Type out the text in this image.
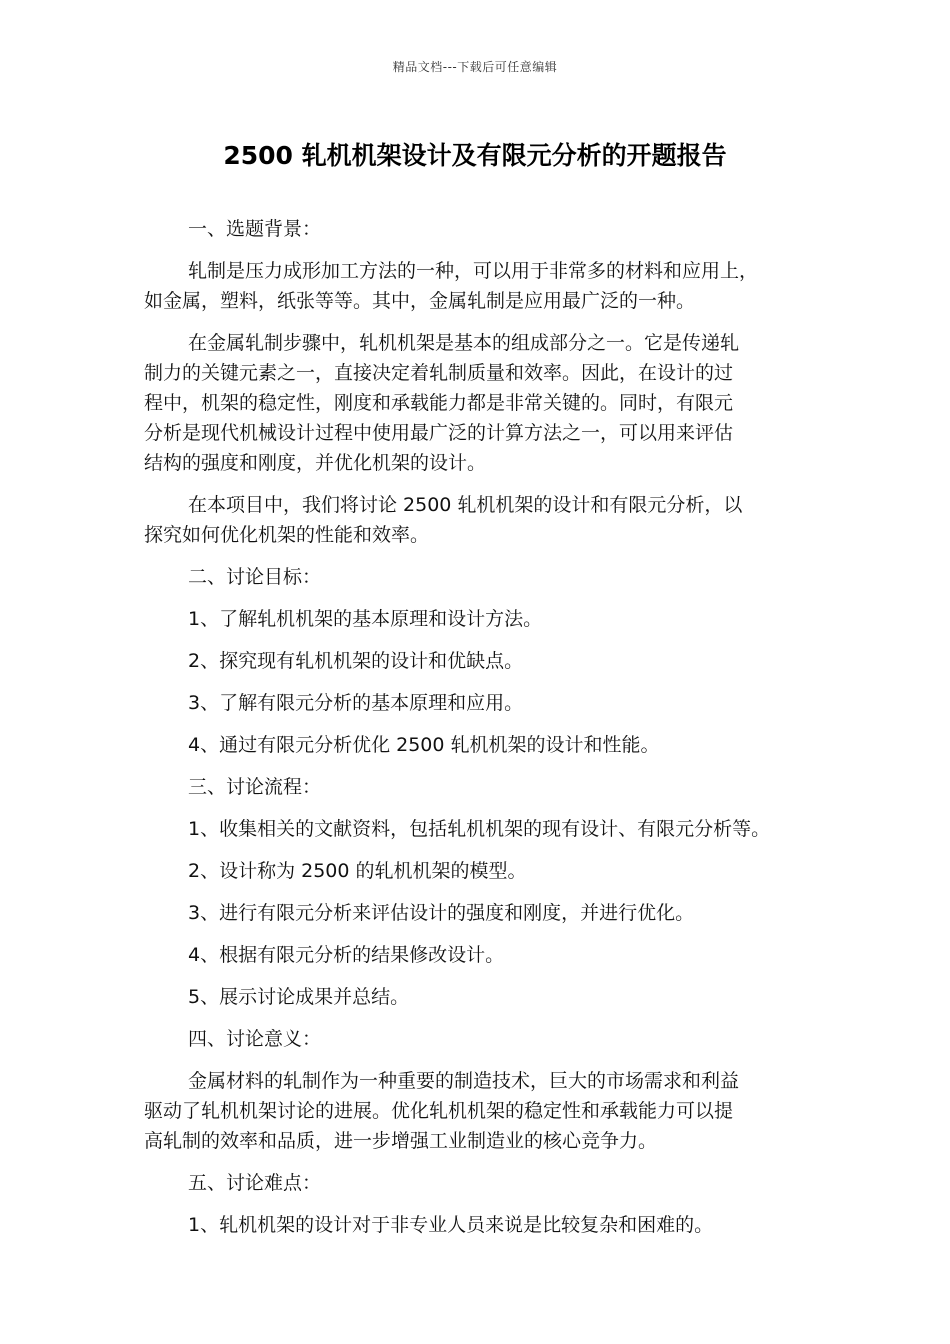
精品文档---下载后可任意编辑
2500 轧机机架设计及有限元分析的开题报告
一、选题背景：
轧制是压力成形加工方法的一种，可以用于非常多的材料和应用上，
如金属，塑料，纸张等等。其中，金属轧制是应用最广泛的一种。
在金属轧制步骤中，轧机机架是基本的组成部分之一。它是传递轧
制力的关键元素之一，直接决定着轧制质量和效率。因此，在设计的过
程中，机架的稳定性，刚度和承载能力都是非常关键的。同时，有限元
分析是现代机械设计过程中使用最广泛的计算方法之一，可以用来评估
结构的强度和刚度，并优化机架的设计。
在本项目中，我们将讨论 2500 轧机机架的设计和有限元分析，以
探究如何优化机架的性能和效率。
二、讨论目标：
1、了解轧机机架的基本原理和设计方法。
2、探究现有轧机机架的设计和优缺点。
3、了解有限元分析的基本原理和应用。
4、通过有限元分析优化 2500 轧机机架的设计和性能。
三、讨论流程：
1、收集相关的文献资料，包括轧机机架的现有设计、有限元分析等。
2、设计称为 2500 的轧机机架的模型。
3、进行有限元分析来评估设计的强度和刚度，并进行优化。
4、根据有限元分析的结果修改设计。
5、展示讨论成果并总结。
四、讨论意义：
金属材料的轧制作为一种重要的制造技术，巨大的市场需求和利益
驱动了轧机机架讨论的进展。优化轧机机架的稳定性和承载能力可以提
高轧制的效率和品质，进一步增强工业制造业的核心竞争力。
五、讨论难点：
1、轧机机架的设计对于非专业人员来说是比较复杂和困难的。
